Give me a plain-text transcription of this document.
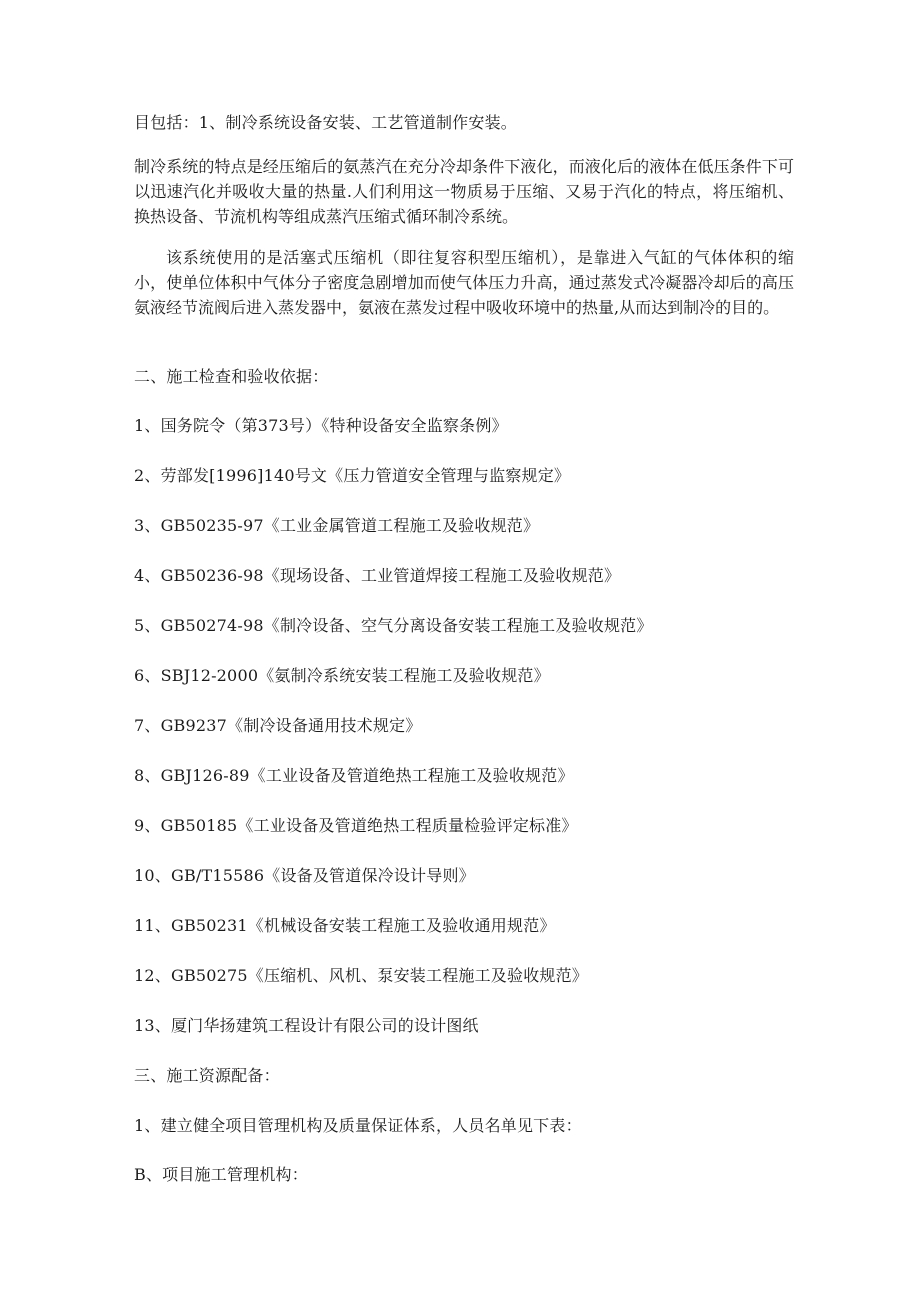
目包括：1、制冷系统设备安装、工艺管道制作安装。
制冷系统的特点是经压缩后的氨蒸汽在充分冷却条件下液化，而液化后的液体在低压条件下可以迅速汽化并吸收大量的热量.人们利用这一物质易于压缩、又易于汽化的特点，将压缩机、换热设备、节流机构等组成蒸汽压缩式循环制冷系统。
该系统使用的是活塞式压缩机（即往复容积型压缩机），是靠进入气缸的气体体积的缩小，使单位体积中气体分子密度急剧增加而使气体压力升高，通过蒸发式冷凝器冷却后的高压氨液经节流阀后进入蒸发器中，氨液在蒸发过程中吸收环境中的热量,从而达到制冷的目的。
二、施工检查和验收依据：
1、国务院令（第373号）《特种设备安全监察条例》
2、劳部发[1996]140号文《压力管道安全管理与监察规定》
3、GB50235-97《工业金属管道工程施工及验收规范》
4、GB50236-98《现场设备、工业管道焊接工程施工及验收规范》
5、GB50274-98《制冷设备、空气分离设备安装工程施工及验收规范》
6、SBJ12-2000《氨制冷系统安装工程施工及验收规范》
7、GB9237《制冷设备通用技术规定》
8、GBJ126-89《工业设备及管道绝热工程施工及验收规范》
9、GB50185《工业设备及管道绝热工程质量检验评定标准》
10、GB/T15586《设备及管道保冷设计导则》
11、GB50231《机械设备安装工程施工及验收通用规范》
12、GB50275《压缩机、风机、泵安装工程施工及验收规范》
13、厦门华扬建筑工程设计有限公司的设计图纸
三、施工资源配备：
1、建立健全项目管理机构及质量保证体系，人员名单见下表：
B、项目施工管理机构：
